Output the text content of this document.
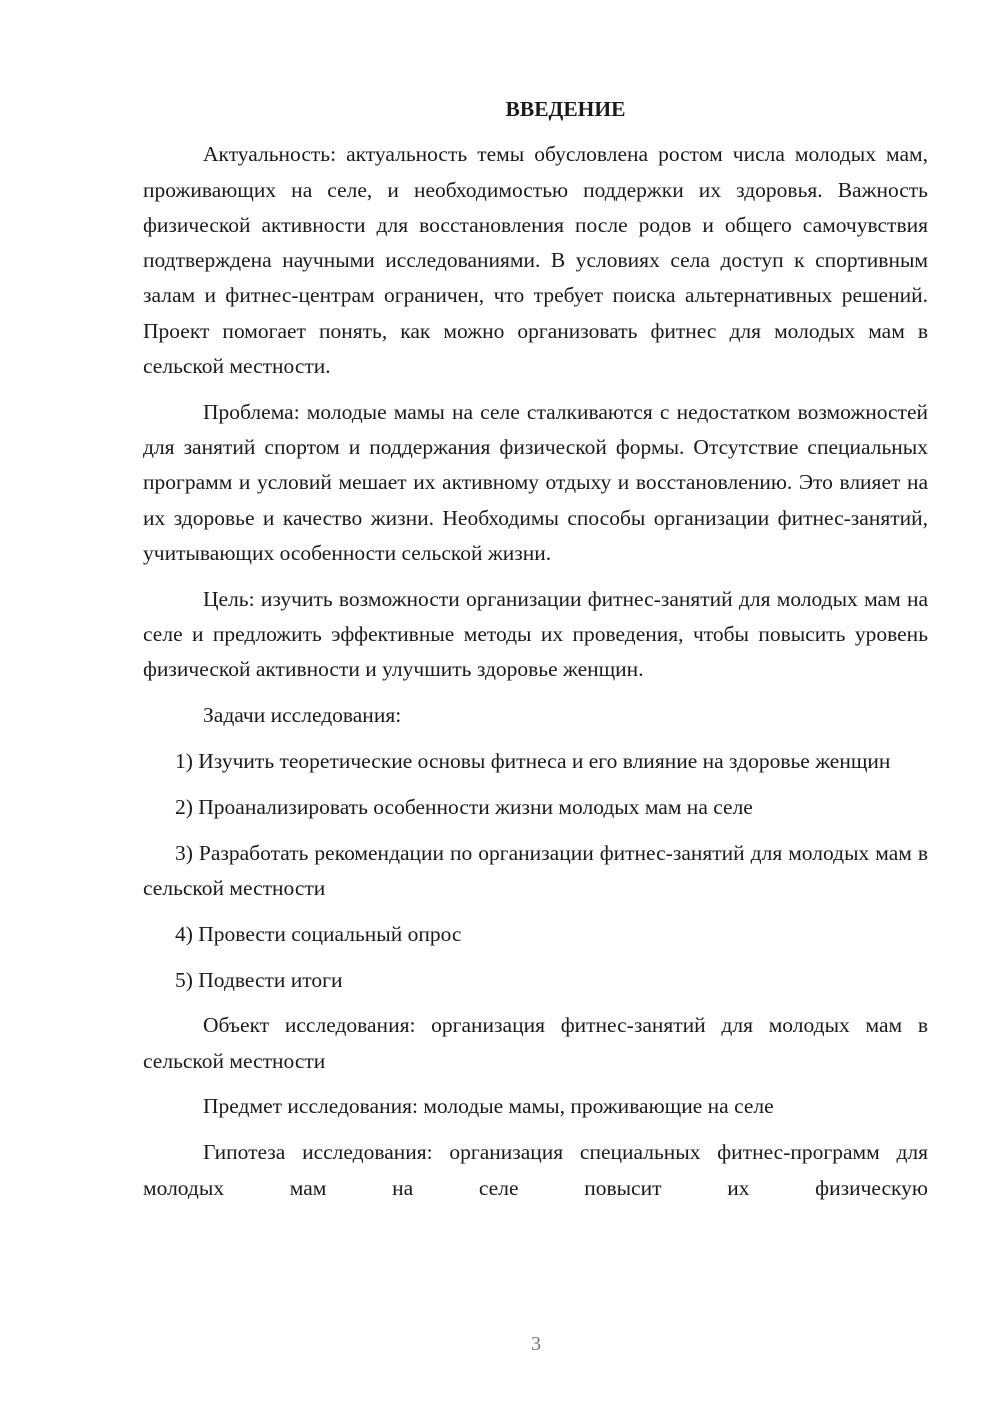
ВВЕДЕНИЕ

Актуальность: актуальность темы обусловлена ростом числа молодых мам, проживающих на селе, и необходимостью поддержки их здоровья. Важность физической активности для восстановления после родов и общего самочувствия подтверждена научными исследованиями. В условиях села доступ к спортивным залам и фитнес-центрам ограничен, что требует поиска альтернативных решений. Проект помогает понять, как можно организовать фитнес для молодых мам в сельской местности.

Проблема: молодые мамы на селе сталкиваются с недостатком возможностей для занятий спортом и поддержания физической формы. Отсутствие специальных программ и условий мешает их активному отдыху и восстановлению. Это влияет на их здоровье и качество жизни. Необходимы способы организации фитнес-занятий, учитывающих особенности сельской жизни.

Цель: изучить возможности организации фитнес-занятий для молодых мам на селе и предложить эффективные методы их проведения, чтобы повысить уровень физической активности и улучшить здоровье женщин.

Задачи исследования:

1) Изучить теоретические основы фитнеса и его влияние на здоровье женщин

2) Проанализировать особенности жизни молодых мам на селе

3) Разработать рекомендации по организации фитнес-занятий для молодых мам в сельской местности

4) Провести социальный опрос

5) Подвести итоги

Объект исследования: организация фитнес-занятий для молодых мам в сельской местности

Предмет исследования: молодые мамы, проживающие на селе

Гипотеза исследования: организация специальных фитнес-программ для молодых мам на селе повысит их физическую

3
